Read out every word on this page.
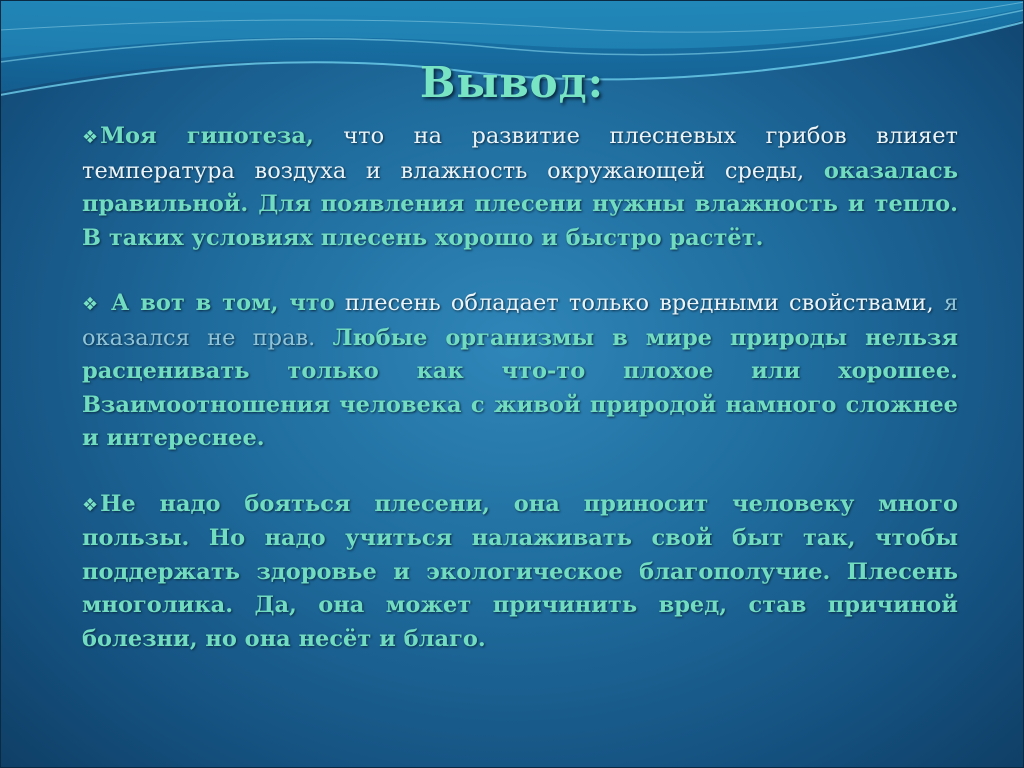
Вывод:

❖Моя гипотеза, что на развитие плесневых грибов влияет температура воздуха и влажность окружающей среды, оказалась правильной. Для появления плесени нужны влажность и тепло. В таких условиях плесень хорошо и быстро растёт.

❖ А вот в том, что плесень обладает только вредными свойствами, я оказался не прав. Любые организмы в мире природы нельзя расценивать только как что-то плохое или хорошее. Взаимоотношения человека с живой природой намного сложнее и интереснее.

❖Не надо бояться плесени, она приносит человеку много пользы. Но надо учиться налаживать свой быт так, чтобы поддержать здоровье и экологическое благополучие. Плесень многолика. Да, она может причинить вред, став причиной болезни, но она несёт и благо.
